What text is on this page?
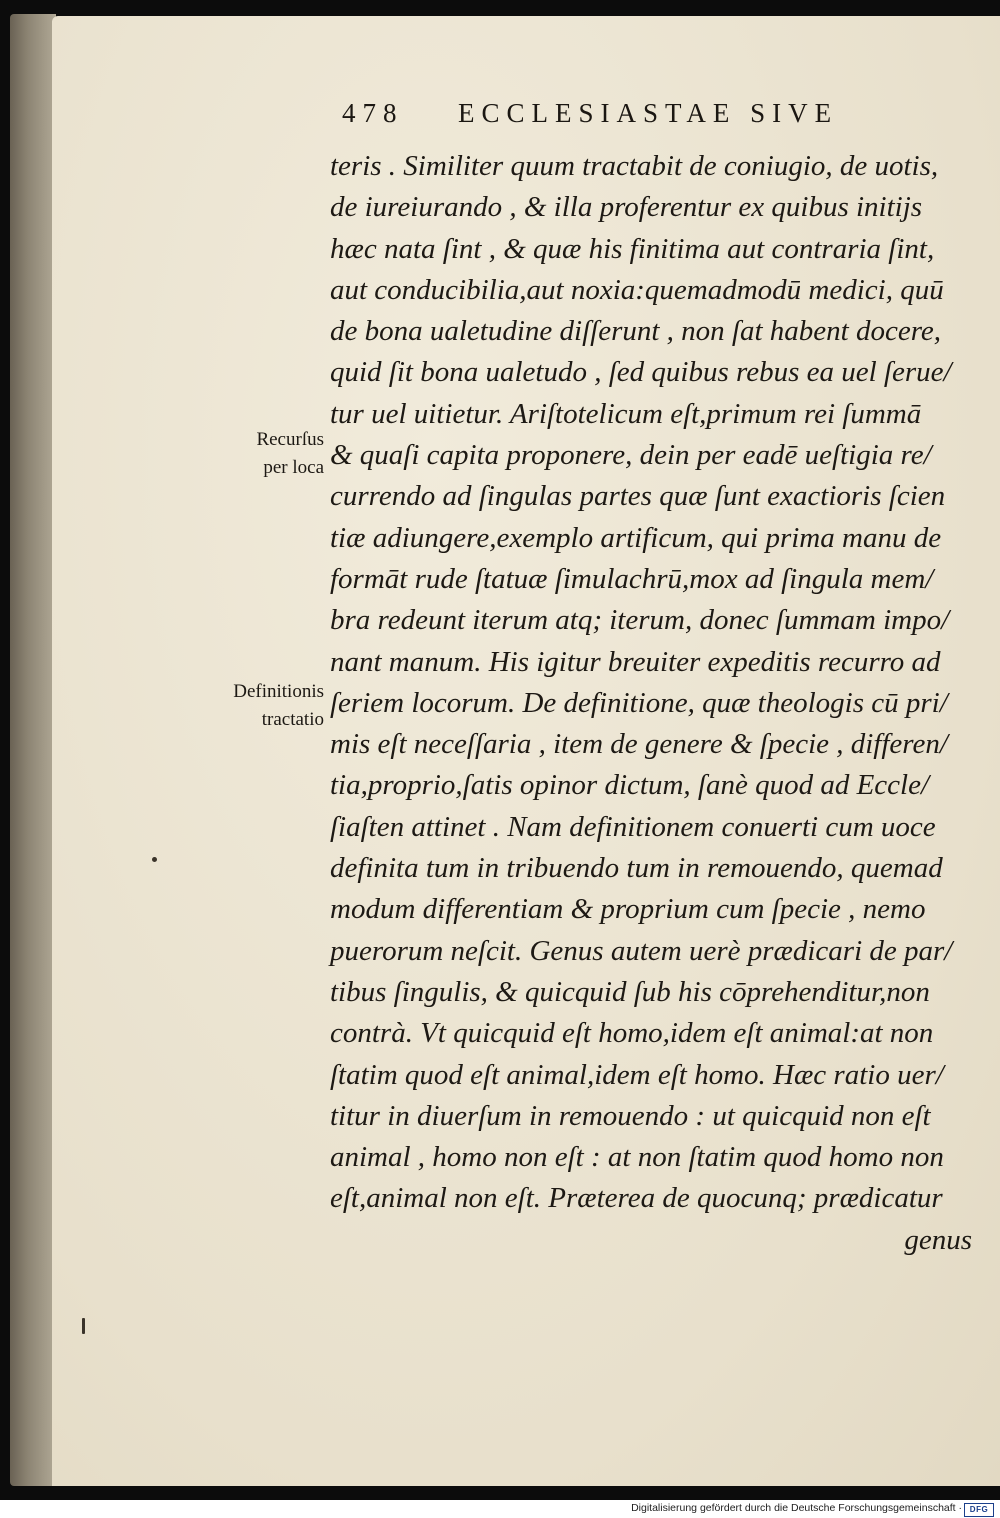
478 ECCLESIASTAE SIVE
Recurſus
per loca
Definitionis
tractatio
teris . Similiter quum tractabit de coniugio, de uotis,
de iureiurando , & illa proferentur ex quibus initijs
hæc nata ſint , & quæ his finitima aut contraria ſint,
aut conducibilia,aut noxia:quemadmodū medici, quū
de bona ualetudine diſſerunt , non ſat habent docere,
quid ſit bona ualetudo , ſed quibus rebus ea uel ſerue/
tur uel uitietur. Ariſtotelicum eſt,primum rei ſummā
& quaſi capita proponere, dein per eadē ueſtigia re/
currendo ad ſingulas partes quæ ſunt exactioris ſcien
tiæ adiungere,exemplo artificum, qui prima manu de
formāt rude ſtatuæ ſimulachrū,mox ad ſingula mem/
bra redeunt iterum atq; iterum, donec ſummam impo/
nant manum. His igitur breuiter expeditis recurro ad
ſeriem locorum. De definitione, quæ theologis cū pri/
mis eſt neceſſaria , item de genere & ſpecie , differen/
tia,proprio,ſatis opinor dictum, ſanè quod ad Eccle/
ſiaſten attinet . Nam definitionem conuerti cum uoce
definita tum in tribuendo tum in remouendo, quemad
modum differentiam & proprium cum ſpecie , nemo
puerorum neſcit. Genus autem uerè prædicari de par/
tibus ſingulis, & quicquid ſub his cōprehenditur,non
contrà. Vt quicquid eſt homo,idem eſt animal:at non
ſtatim quod eſt animal,idem eſt homo. Hæc ratio uer/
titur in diuerſum in remouendo : ut quicquid non eſt
animal , homo non eſt : at non ſtatim quod homo non
eſt,animal non eſt. Præterea de quocunq; prædicatur
genus
Digitalisierung gefördert durch die Deutsche Forschungsgemeinschaft · DFG
